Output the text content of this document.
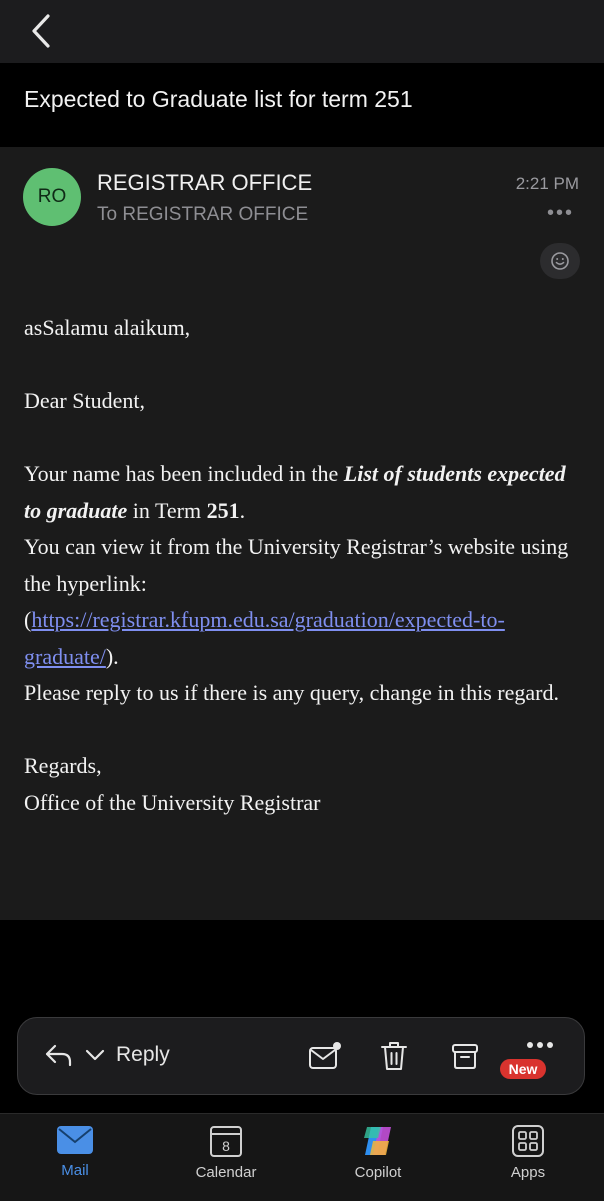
Expected to Graduate list for term 251
RO
REGISTRAR OFFICE
To REGISTRAR OFFICE
2:21 PM
•••

asSalamu alaikum,

Dear Student,

Your name has been included in the List of students expected to graduate in Term 251.

You can view it from the University Registrar’s website using the hyperlink: (https://registrar.kfupm.edu.sa/graduation/expected-to-graduate/).

Please reply to us if there is any query, change in this regard.

Regards,

Office of the University Registrar

Reply
New
Mail
8
Calendar	Copilot	Apps
